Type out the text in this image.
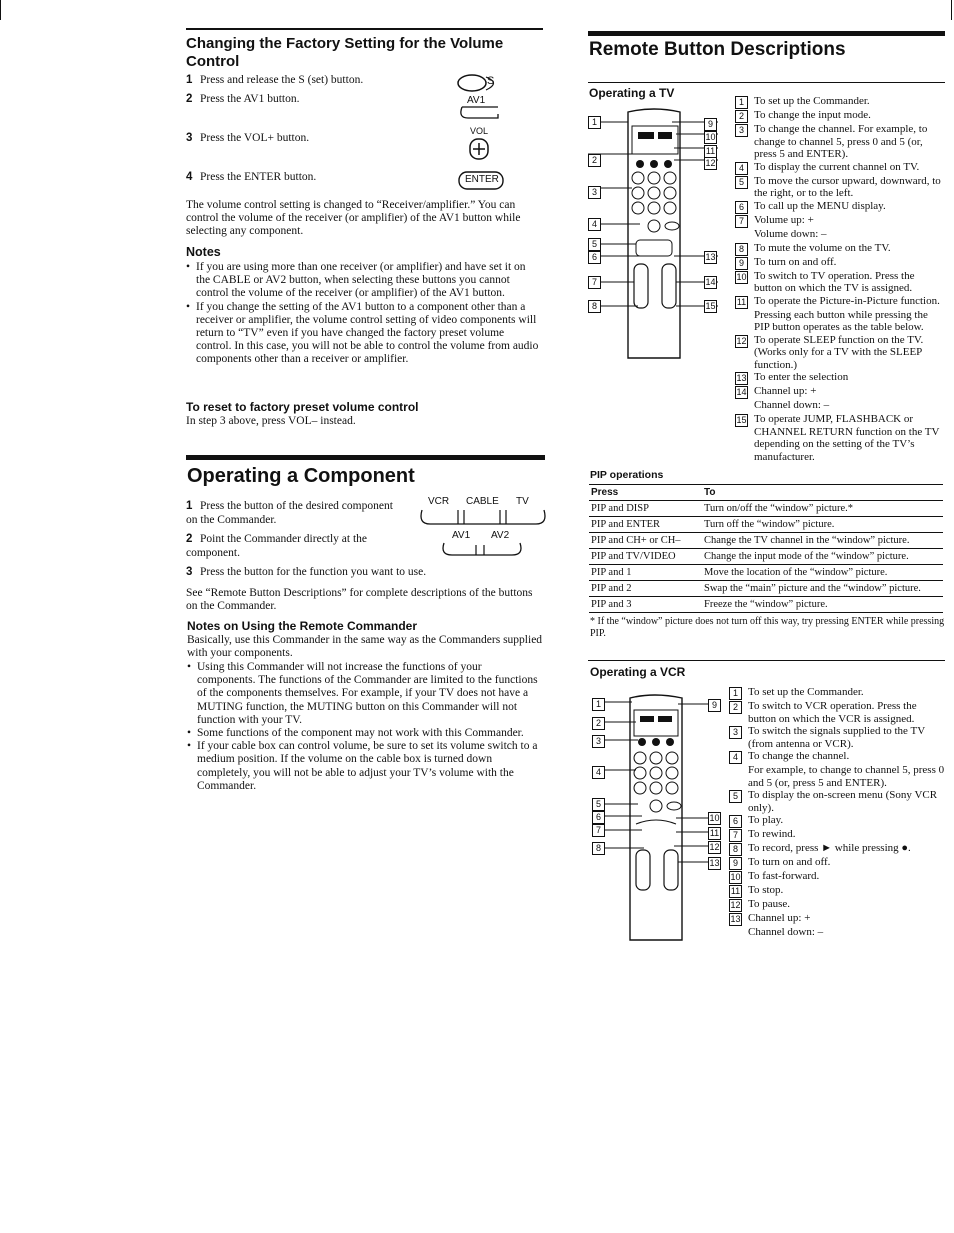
Changing the Factory Setting for the Volume Control
1 Press and release the S (set) button.
2 Press the AV1 button.
3 Press the VOL+ button.
4 Press the ENTER button.
S
AV1
VOL
ENTER
The volume control setting is changed to “Receiver/amplifier.” You can control the volume of the receiver (or amplifier) of the AV1 button while selecting any component.
Notes
• If you are using more than one receiver (or amplifier) and have set it on the CABLE or AV2 button, when selecting these buttons you cannot control the volume of the receiver (or amplifier) of the AV1 button.
• If you change the setting of the AV1 button to a component other than a receiver or amplifier, the volume control setting of video components will return to “TV” even if you have changed the factory preset volume control. In this case, you will not be able to control the volume from audio components other than a receiver or amplifier.
To reset to factory preset volume control
In step 3 above, press VOL– instead.
Operating a Component
1 Press the button of the desired component on the Commander.
2 Point the Commander directly at the component.
3 Press the button for the function you want to use.
VCR CABLE TV
AV1 AV2
See “Remote Button Descriptions” for complete descriptions of the buttons on the Commander.
Notes on Using the Remote Commander
Basically, use this Commander in the same way as the Commanders supplied with your components.
• Using this Commander will not increase the functions of your components. The functions of the Commander are limited to the functions of the components themselves. For example, if your TV does not have a MUTING function, the MUTING button on this Commander will not function with your TV.
• Some functions of the component may not work with this Commander.
• If your cable box can control volume, be sure to set its volume switch to a medium position. If the volume on the cable box is turned down completely, you will not be able to adjust your TV’s volume with the Commander.
Remote Button Descriptions
Operating a TV
1
2
3
4
5
6
7
8
9
10
11
12
13
14
15
1 To set up the Commander.
2 To change the input mode.
3 To change the channel. For example, to change to channel 5, press 0 and 5 (or, press 5 and ENTER).
4 To display the current channel on TV.
5 To move the cursor upward, downward, to the right, or to the left.
6 To call up the MENU display.
7 Volume up: +
Volume down: –
8 To mute the volume on the TV.
9 To turn on and off.
10 To switch to TV operation. Press the button on which the TV is assigned.
11 To operate the Picture-in-Picture function.
Pressing each button while pressing the PIP button operates as the table below.
12 To operate SLEEP function on the TV. (Works only for a TV with the SLEEP function.)
13 To enter the selection
14 Channel up: +
Channel down: –
15 To operate JUMP, FLASHBACK or CHANNEL RETURN function on the TV depending on the setting of the TV’s manufacturer.
PIP operations
Press	To
PIP and DISP	Turn on/off the “window” picture.*
PIP and ENTER	Turn off the “window” picture.
PIP and CH+ or CH–	Change the TV channel in the “window” picture.
PIP and TV/VIDEO	Change the input mode of the “window” picture.
PIP and 1	Move the location of the “window” picture.
PIP and 2	Swap the “main” picture and the “window” picture.
PIP and 3	Freeze the “window” picture.
* If the “window” picture does not turn off this way, try pressing ENTER while pressing PIP.
Operating a VCR
1
2
3
4
5
6
7
8
9
10
11
12
13
1 To set up the Commander.
2 To switch to VCR operation. Press the button on which the VCR is assigned.
3 To switch the signals supplied to the TV (from antenna or VCR).
4 To change the channel.
For example, to change to channel 5, press 0 and 5 (or, press 5 and ENTER).
5 To display the on-screen menu (Sony VCR only).
6 To play.
7 To rewind.
8 To record, press ► while pressing ●.
9 To turn on and off.
10 To fast-forward.
11 To stop.
12 To pause.
13 Channel up: +
Channel down: –
